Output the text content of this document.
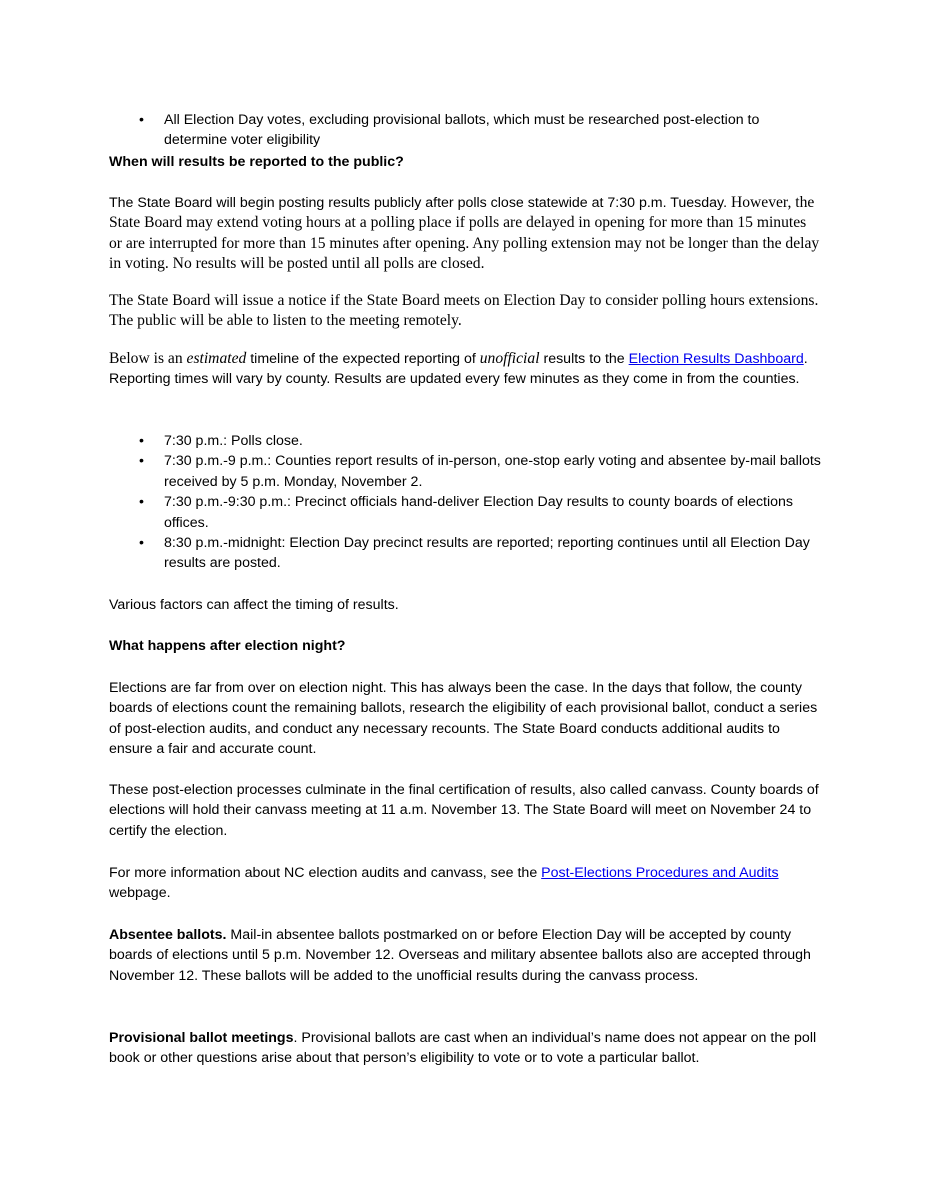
• All Election Day votes, excluding provisional ballots, which must be researched post-election to determine voter eligibility

When will results be reported to the public?

The State Board will begin posting results publicly after polls close statewide at 7:30 p.m. Tuesday. However, the State Board may extend voting hours at a polling place if polls are delayed in opening for more than 15 minutes or are interrupted for more than 15 minutes after opening. Any polling extension may not be longer than the delay in voting. No results will be posted until all polls are closed.

The State Board will issue a notice if the State Board meets on Election Day to consider polling hours extensions. The public will be able to listen to the meeting remotely.

Below is an estimated timeline of the expected reporting of unofficial results to the Election Results Dashboard. Reporting times will vary by county. Results are updated every few minutes as they come in from the counties.

• 7:30 p.m.: Polls close.
• 7:30 p.m.-9 p.m.: Counties report results of in-person, one-stop early voting and absentee by-mail ballots received by 5 p.m. Monday, November 2.
• 7:30 p.m.-9:30 p.m.: Precinct officials hand-deliver Election Day results to county boards of elections offices.
• 8:30 p.m.-midnight: Election Day precinct results are reported; reporting continues until all Election Day results are posted.

Various factors can affect the timing of results.

What happens after election night?

Elections are far from over on election night. This has always been the case. In the days that follow, the county boards of elections count the remaining ballots, research the eligibility of each provisional ballot, conduct a series of post-election audits, and conduct any necessary recounts. The State Board conducts additional audits to ensure a fair and accurate count.

These post-election processes culminate in the final certification of results, also called canvass. County boards of elections will hold their canvass meeting at 11 a.m. November 13. The State Board will meet on November 24 to certify the election.

For more information about NC election audits and canvass, see the Post-Elections Procedures and Audits webpage.

Absentee ballots. Mail-in absentee ballots postmarked on or before Election Day will be accepted by county boards of elections until 5 p.m. November 12. Overseas and military absentee ballots also are accepted through November 12. These ballots will be added to the unofficial results during the canvass process.

Provisional ballot meetings. Provisional ballots are cast when an individual’s name does not appear on the poll book or other questions arise about that person’s eligibility to vote or to vote a particular ballot.
